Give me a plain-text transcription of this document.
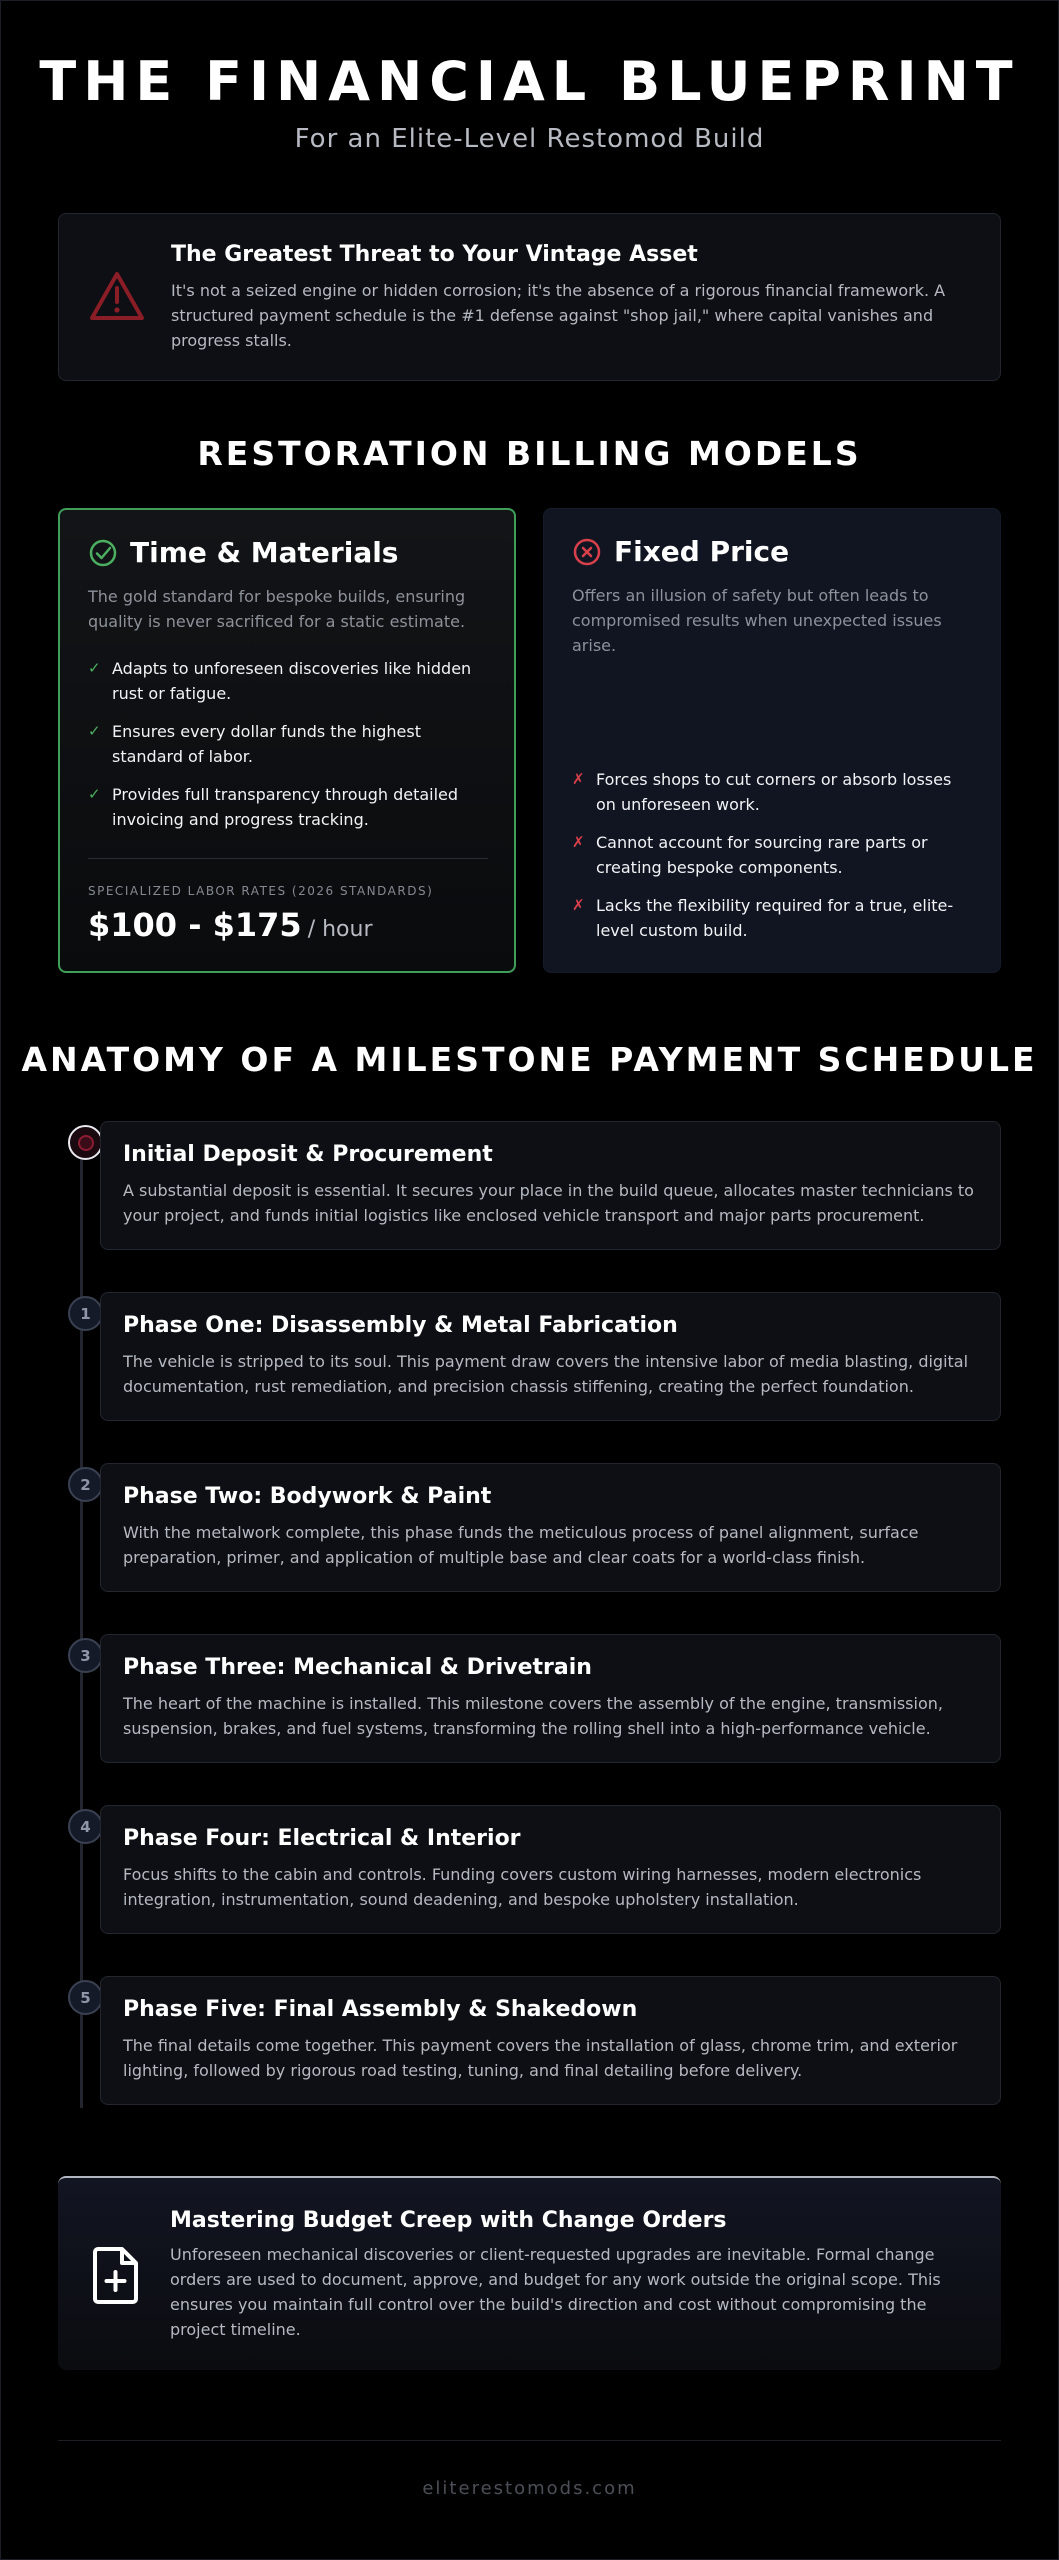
THE FINANCIAL BLUEPRINT
For an Elite-Level Restomod Build
The Greatest Threat to Your Vintage Asset
It's not a seized engine or hidden corrosion; it's the absence of a rigorous financial framework. A structured payment schedule is the #1 defense against "shop jail," where capital vanishes and progress stalls.
RESTORATION BILLING MODELS
Time & Materials
The gold standard for bespoke builds, ensuring quality is never sacrificed for a static estimate.
✓ Adapts to unforeseen discoveries like hidden rust or fatigue.
✓ Ensures every dollar funds the highest standard of labor.
✓ Provides full transparency through detailed invoicing and progress tracking.
SPECIALIZED LABOR RATES (2026 STANDARDS)
$100 - $175 / hour
Fixed Price
Offers an illusion of safety but often leads to compromised results when unexpected issues arise.
✗ Forces shops to cut corners or absorb losses on unforeseen work.
✗ Cannot account for sourcing rare parts or creating bespoke components.
✗ Lacks the flexibility required for a true, elite-level custom build.
ANATOMY OF A MILESTONE PAYMENT SCHEDULE
Initial Deposit & Procurement
A substantial deposit is essential. It secures your place in the build queue, allocates master technicians to your project, and funds initial logistics like enclosed vehicle transport and major parts procurement.
1	Phase One: Disassembly & Metal Fabrication
The vehicle is stripped to its soul. This payment draw covers the intensive labor of media blasting, digital documentation, rust remediation, and precision chassis stiffening, creating the perfect foundation.
2	Phase Two: Bodywork & Paint
With the metalwork complete, this phase funds the meticulous process of panel alignment, surface preparation, primer, and application of multiple base and clear coats for a world-class finish.
3	Phase Three: Mechanical & Drivetrain
The heart of the machine is installed. This milestone covers the assembly of the engine, transmission, suspension, brakes, and fuel systems, transforming the rolling shell into a high-performance vehicle.
4	Phase Four: Electrical & Interior
Focus shifts to the cabin and controls. Funding covers custom wiring harnesses, modern electronics integration, instrumentation, sound deadening, and bespoke upholstery installation.
5	Phase Five: Final Assembly & Shakedown
The final details come together. This payment covers the installation of glass, chrome trim, and exterior lighting, followed by rigorous road testing, tuning, and final detailing before delivery.
Mastering Budget Creep with Change Orders
Unforeseen mechanical discoveries or client-requested upgrades are inevitable. Formal change orders are used to document, approve, and budget for any work outside the original scope. This ensures you maintain full control over the build's direction and cost without compromising the project timeline.
eliterestomods.com
